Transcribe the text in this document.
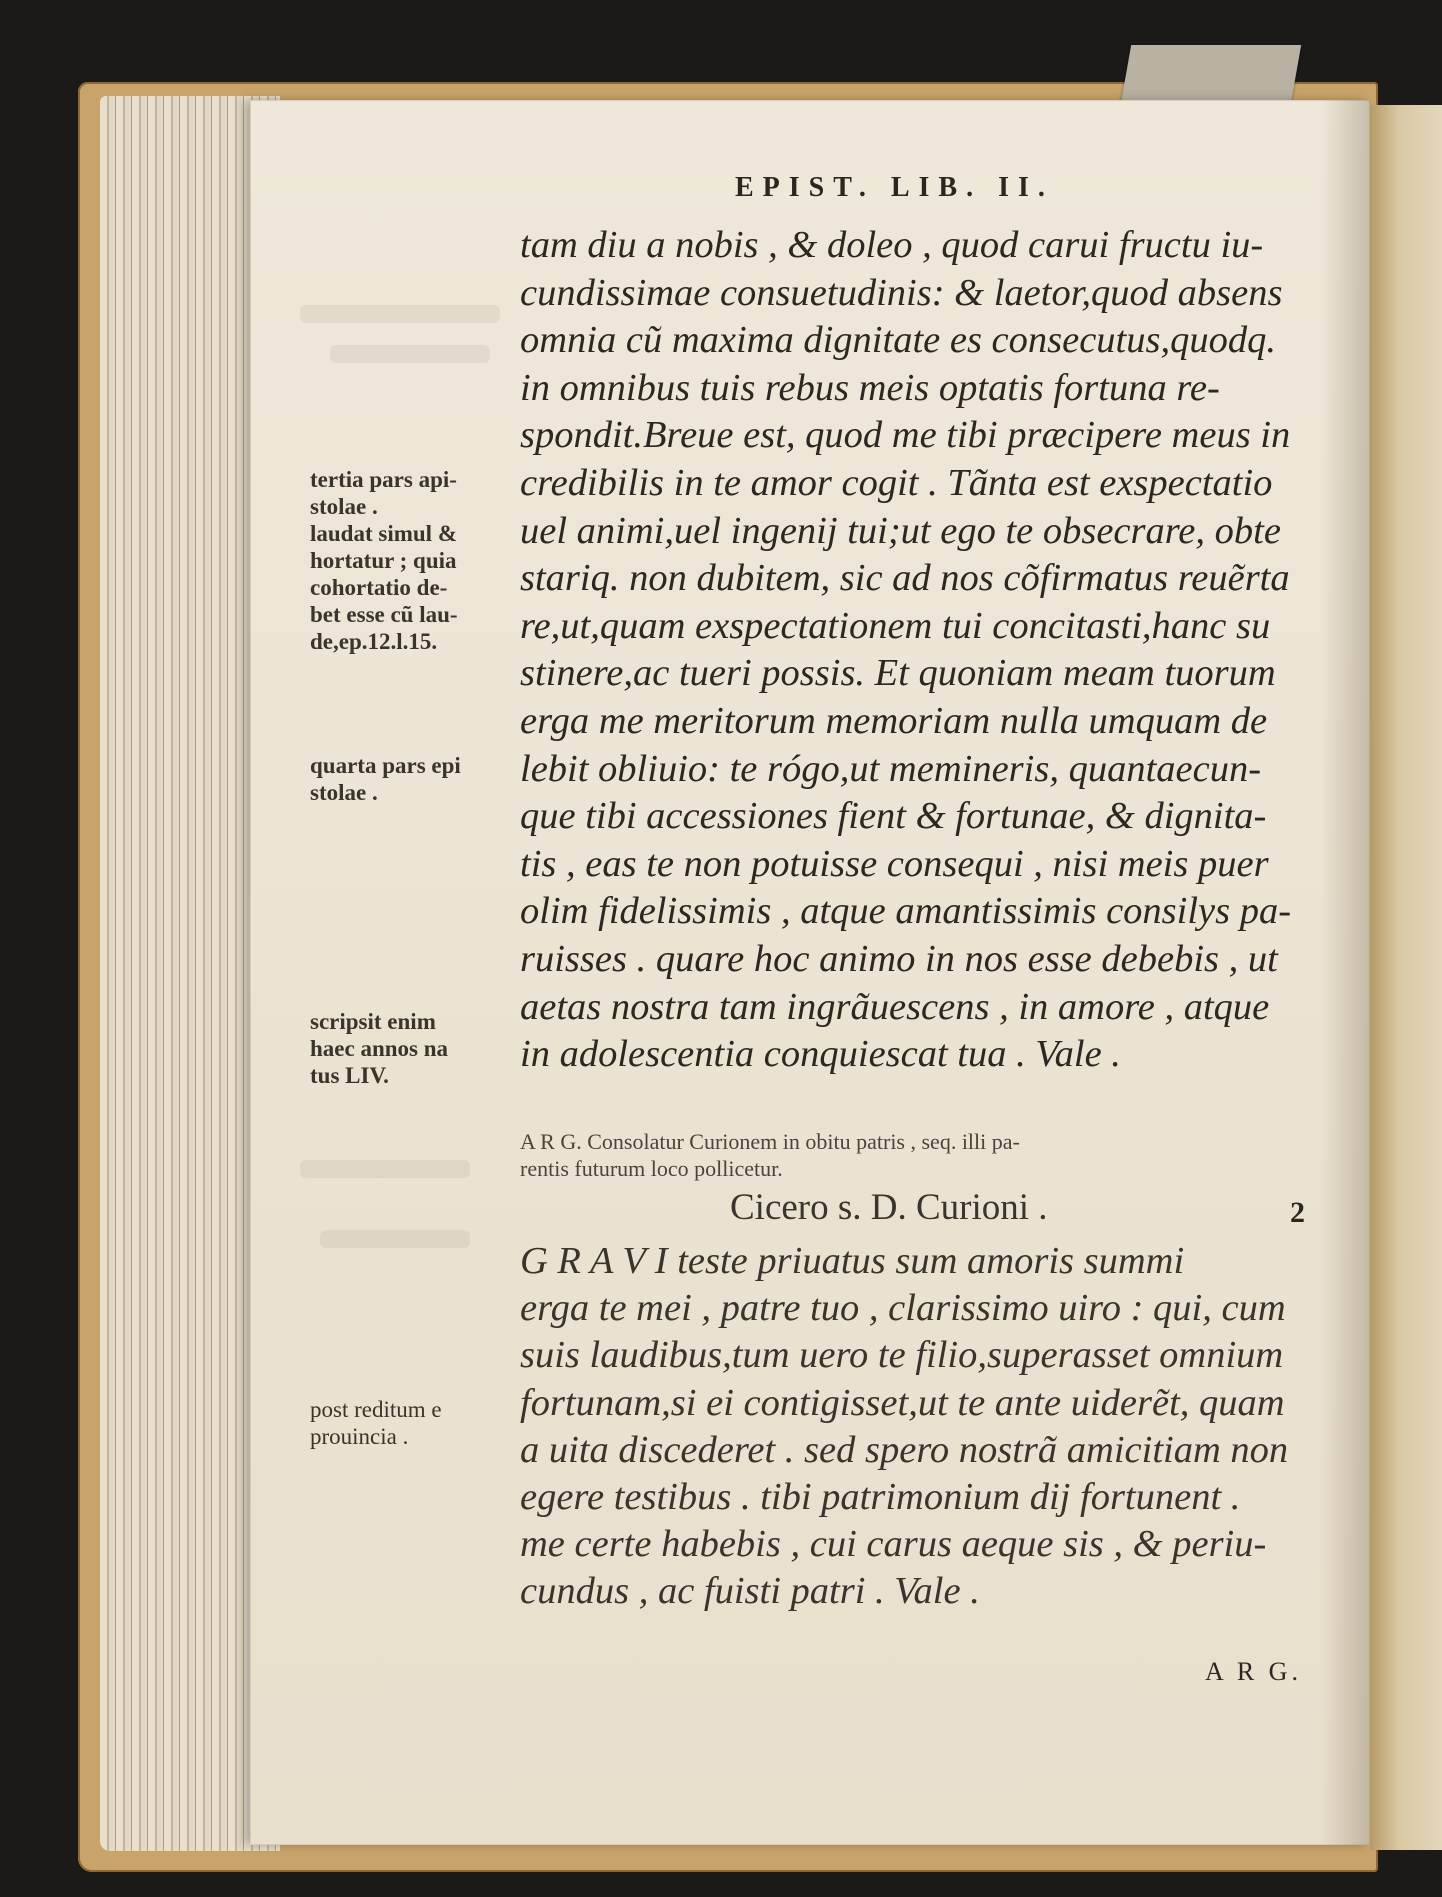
EPIST. LIB. II.
tam diu a nobis , & doleo , quod carui fructu iu-
cundissimae consuetudinis: & laetor,quod absens
omnia cũ maxima dignitate es consecutus,quodq.
in omnibus tuis rebus meis optatis fortuna re-
spondit.Breue est, quod me tibi præcipere meus in
credibilis in te amor cogit . Tãnta est exspectatio
uel animi,uel ingenij tui;ut ego te obsecrare, obte
stariq. non dubitem, sic ad nos cõfirmatus reuẽrta
re,ut,quam exspectationem tui concitasti,hanc su
stinere,ac tueri possis. Et quoniam meam tuorum
erga me meritorum memoriam nulla umquam de
lebit obliuio: te rógo,ut memineris, quantaecun-
que tibi accessiones fient & fortunae, & dignita-
tis , eas te non potuisse consequi , nisi meis puer
olim fidelissimis , atque amantissimis consilys pa-
ruisses . quare hoc animo in nos esse debebis , ut
aetas nostra tam ingrãuescens , in amore , atque
in adolescentia conquiescat tua . Vale .
tertia pars api-
stolae .
laudat simul &
hortatur ; quia
cohortatio de-
bet esse cũ lau-
de,ep.12.l.15.
quarta pars epi
stolae .
scripsit enim
haec annos na
tus LIV.
post reditum e
prouincia .
A R G. Consolatur Curionem in obitu patris , seq. illi pa-
rentis futurum loco pollicetur.
Cicero s. D. Curioni .	2
G R A V I teste priuatus sum amoris summi
erga te mei , patre tuo , clarissimo uiro : qui, cum
suis laudibus,tum uero te filio,superasset omnium
fortunam,si ei contigisset,ut te ante uiderẽt, quam
a uita discederet . sed spero nostrã amicitiam non
egere testibus . tibi patrimonium dij fortunent .
me certe habebis , cui carus aeque sis , & periu-
cundus , ac fuisti patri . Vale .
A R G.
